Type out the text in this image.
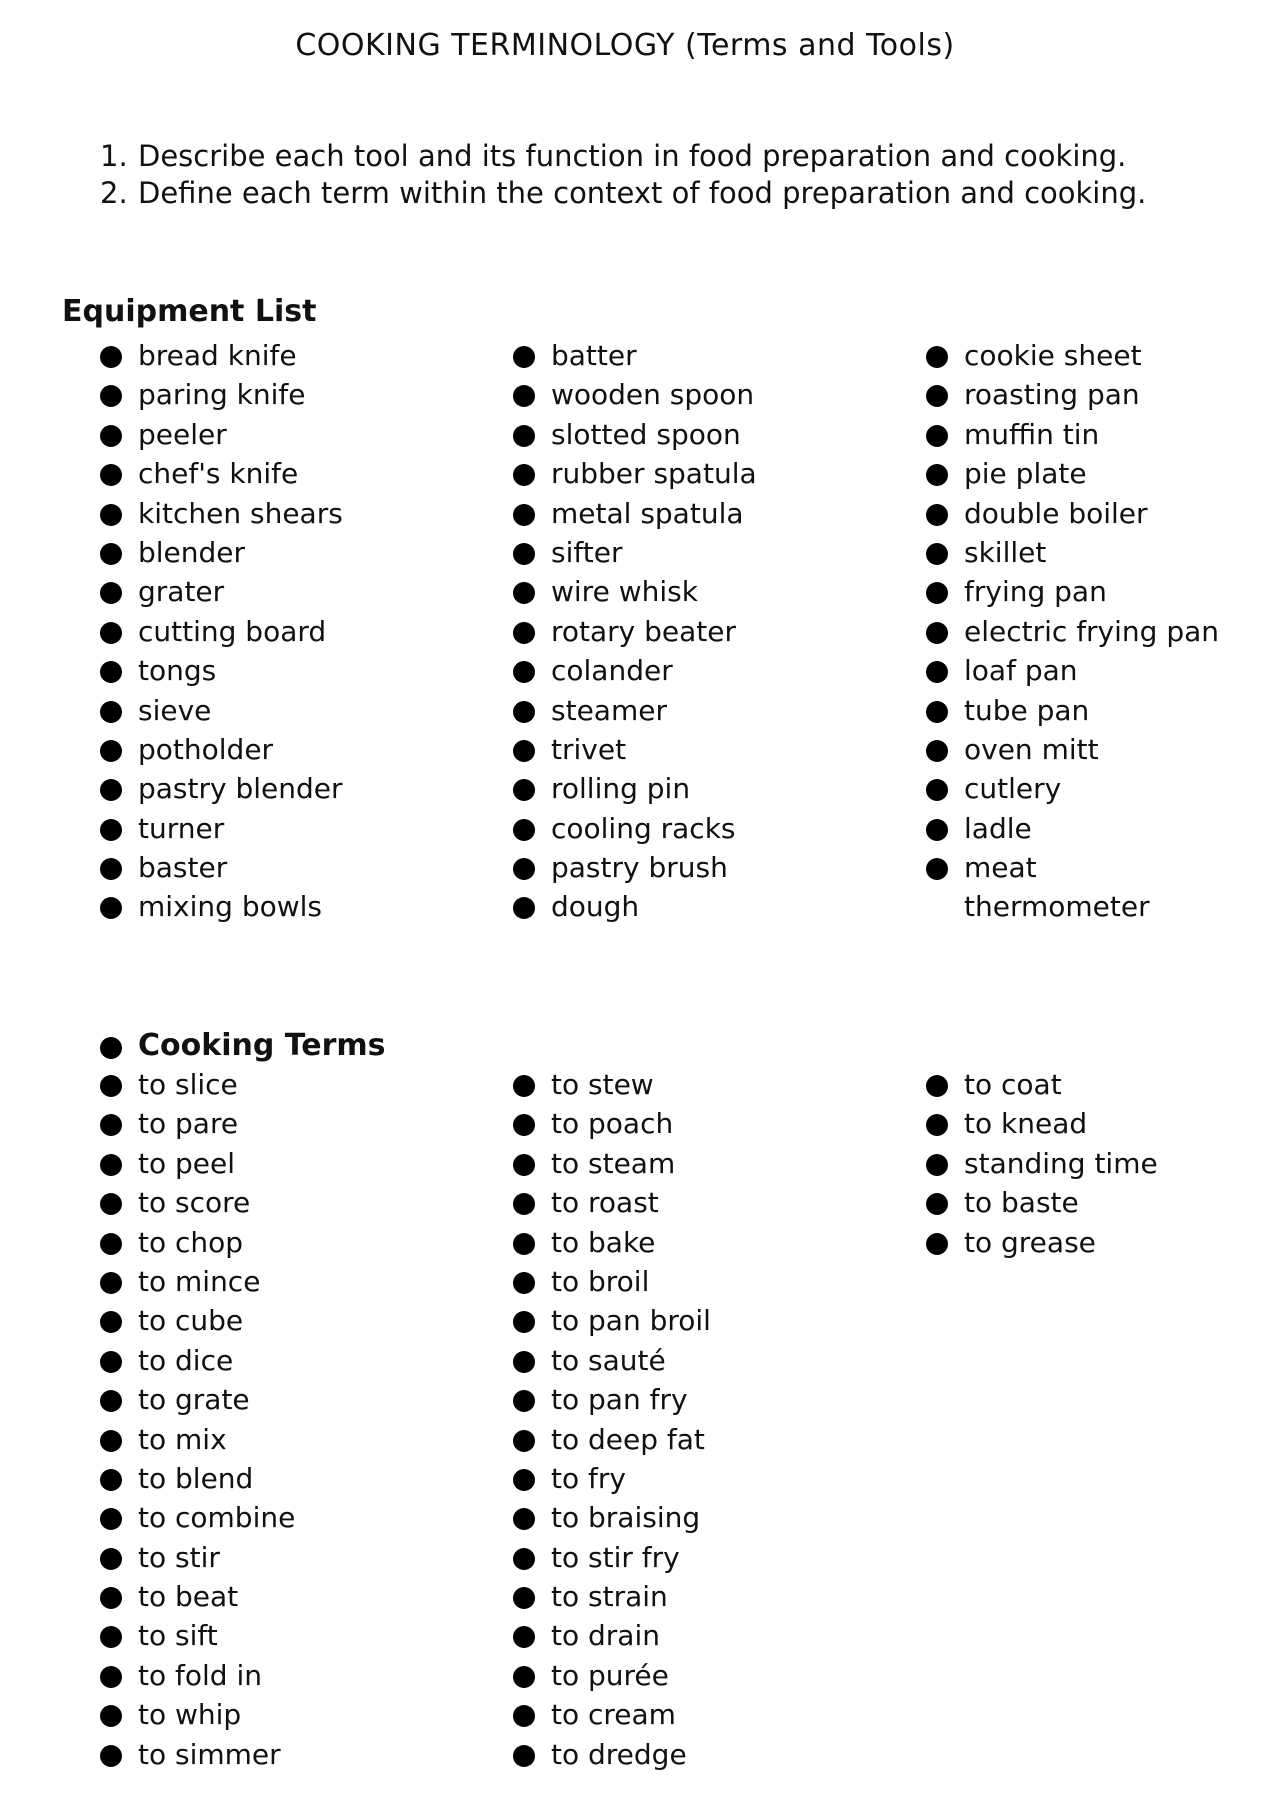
COOKING TERMINOLOGY (Terms and Tools)
1. Describe each tool and its function in food preparation and cooking.
2. Define each term within the context of food preparation and cooking.
Equipment List
bread knife
paring knife
peeler
chef's knife
kitchen shears
blender
grater
cutting board
tongs
sieve
potholder
pastry blender
turner
baster
mixing bowls
batter
wooden spoon
slotted spoon
rubber spatula
metal spatula
sifter
wire whisk
rotary beater
colander
steamer
trivet
rolling pin
cooling racks
pastry brush
dough
cookie sheet
roasting pan
muffin tin
pie plate
double boiler
skillet
frying pan
electric frying pan
loaf pan
tube pan
oven mitt
cutlery
ladle
meat thermometer
Cooking Terms
to slice
to pare
to peel
to score
to chop
to mince
to cube
to dice
to grate
to mix
to blend
to combine
to stir
to beat
to sift
to fold in
to whip
to simmer
to stew
to poach
to steam
to roast
to bake
to broil
to pan broil
to sauté
to pan fry
to deep fat
to fry
to braising
to stir fry
to strain
to drain
to purée
to cream
to dredge
to coat
to knead
standing time
to baste
to grease
